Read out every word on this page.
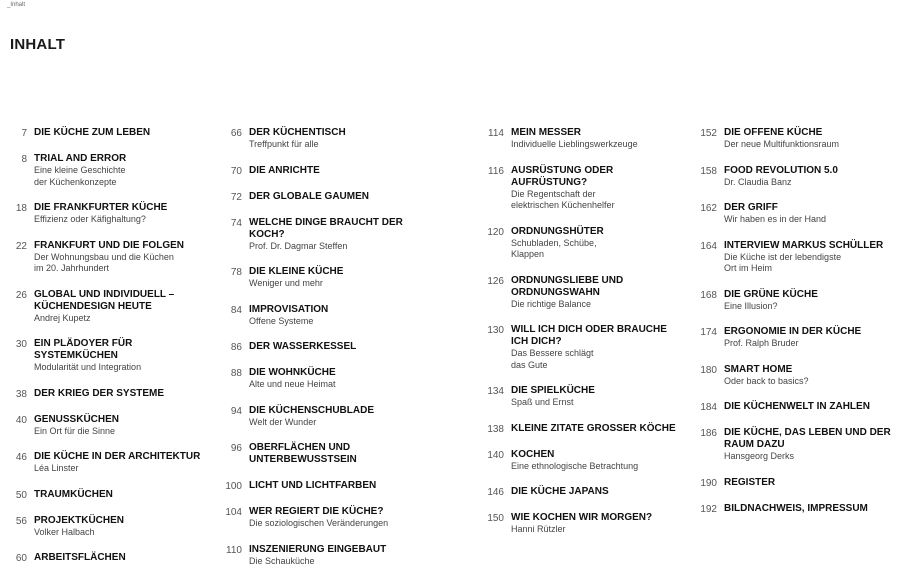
_Inhalt
INHALT
7 DIE KÜCHE ZUM LEBEN
8 TRIAL AND ERROR
Eine kleine Geschichte
der Küchenkonzepte
18 DIE FRANKFURTER KÜCHE
Effizienz oder Käfighaltung?
22 FRANKFURT UND DIE FOLGEN
Der Wohnungsbau und die Küchen
im 20. Jahrhundert
26 GLOBAL UND INDIVIDUELL – KÜCHENDESIGN HEUTE
Andrej Kupetz
30 EIN PLÄDOYER FÜR SYSTEMKÜCHEN
Modularität und Integration
38 DER KRIEG DER SYSTEME
40 GENUSSKÜCHEN
Ein Ort für die Sinne
46 DIE KÜCHE IN DER ARCHITEKTUR
Léa Linster
50 TRAUMKÜCHEN
56 PROJEKTKÜCHEN
Volker Halbach
60 ARBEITSFLÄCHEN
66 DER KÜCHENTISCH
Treffpunkt für alle
70 DIE ANRICHTE
72 DER GLOBALE GAUMEN
74 WELCHE DINGE BRAUCHT DER KOCH?
Prof. Dr. Dagmar Steffen
78 DIE KLEINE KÜCHE
Weniger und mehr
84 IMPROVISATION
Offene Systeme
86 DER WASSERKESSEL
88 DIE WOHNKÜCHE
Alte und neue Heimat
94 DIE KÜCHENSCHUBLADE
Welt der Wunder
96 OBERFLÄCHEN UND UNTERBEWUSSTSEIN
100 LICHT UND LICHTFARBEN
104 WER REGIERT DIE KÜCHE?
Die soziologischen Veränderungen
110 INSZENIERUNG EINGEBAUT
Die Schauküche
114 MEIN MESSER
Individuelle Lieblingswerkzeuge
116 AUSRÜSTUNG ODER AUFRÜSTUNG?
Die Regentschaft der
elektrischen Küchenhelfer
120 ORDNUNGSHÜTER
Schubladen, Schübe,
Klappen
126 ORDNUNGSLIEBE UND ORDNUNGSWAHN
Die richtige Balance
130 WILL ICH DICH ODER BRAUCHE ICH DICH?
Das Bessere schlägt
das Gute
134 DIE SPIELKÜCHE
Spaß und Ernst
138 KLEINE ZITATE GROSSER KÖCHE
140 KOCHEN
Eine ethnologische Betrachtung
146 DIE KÜCHE JAPANS
150 WIE KOCHEN WIR MORGEN?
Hanni Rützler
152 DIE OFFENE KÜCHE
Der neue Multifunktionsraum
158 FOOD REVOLUTION 5.0
Dr. Claudia Banz
162 DER GRIFF
Wir haben es in der Hand
164 INTERVIEW MARKUS SCHÜLLER
Die Küche ist der lebendigste
Ort im Heim
168 DIE GRÜNE KÜCHE
Eine Illusion?
174 ERGONOMIE IN DER KÜCHE
Prof. Ralph Bruder
180 SMART HOME
Oder back to basics?
184 DIE KÜCHENWELT IN ZAHLEN
186 DIE KÜCHE, DAS LEBEN UND DER RAUM DAZU
Hansgeorg Derks
190 REGISTER
192 BILDNACHWEIS, IMPRESSUM
